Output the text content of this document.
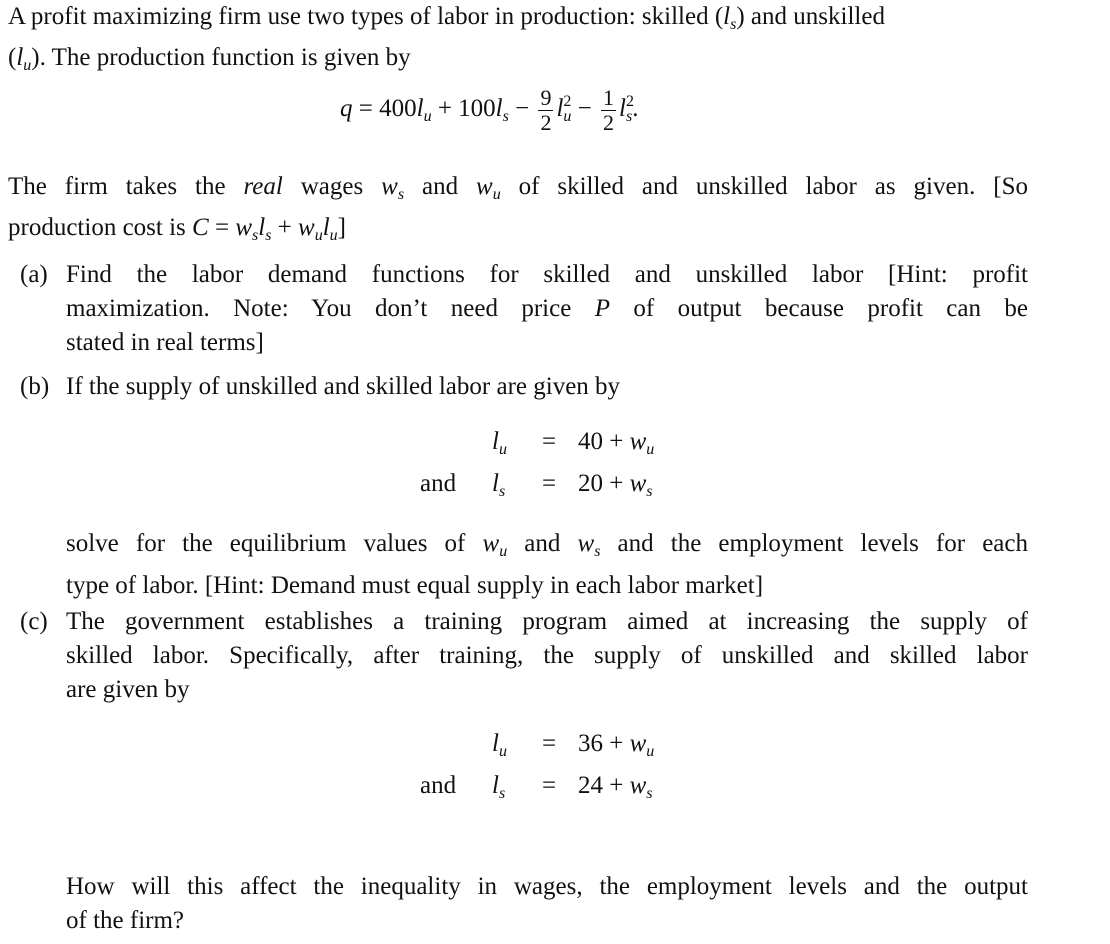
A profit maximizing firm use two types of labor in production: skilled $(l_s)$ and unskilled
$(l_u)$. The production function is given by
$q = 400l_u + 100l_s - \frac{9}{2} l^2_u - \frac{1}{2} l^2_s$.
The firm takes the real wages $w_s$ and $w_u$ of skilled and unskilled labor as given. [So
production cost is $C = w_sl_s + w_ul_u$]
(a) Find the labor demand functions for skilled and unskilled labor [Hint: profit
maximization. Note: You don’t need price P of output because profit can be
stated in real terms]
(b) If the supply of unskilled and skilled labor are given by
$l_u = 40 + w_u$
and $l_s = 20 + w_s$
solve for the equilibrium values of $w_u$ and $w_s$ and the employment levels for each
type of labor. [Hint: Demand must equal supply in each labor market]
(c) The government establishes a training program aimed at increasing the supply of
skilled labor. Specifically, after training, the supply of unskilled and skilled labor
are given by
$l_u = 36 + w_u$
and $l_s = 24 + w_s$
How will this affect the inequality in wages, the employment levels and the output
of the firm?
